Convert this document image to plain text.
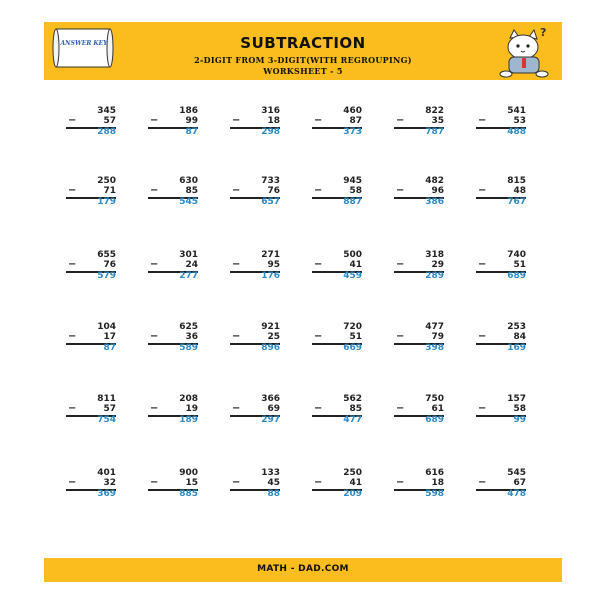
ANSWER KEY	SUBTRACTION
2-DIGIT FROM 3-DIGIT(WITH REGROUPING)
WORKSHEET - 5
?
345
−	57
288
186
−	99
87
316
−	18
298
460
−	87
373
822
−	35
787
541
−	53
488
250
−	71
179
630
−	85
545
733
−	76
657
945
−	58
887
482
−	96
386
815
−	48
767
655
−	76
579
301
−	24
277
271
−	95
176
500
−	41
459
318
−	29
289
740
−	51
689
104
−	17
87
625
−	36
589
921
−	25
896
720
−	51
669
477
−	79
398
253
−	84
169
811
−	57
754
208
−	19
189
366
−	69
297
562
−	85
477
750
−	61
689
157
−	58
99
401
−	32
369
900
−	15
885
133
−	45
88
250
−	41
209
616
−	18
598
545
−	67
478
MATH - DAD.COM
